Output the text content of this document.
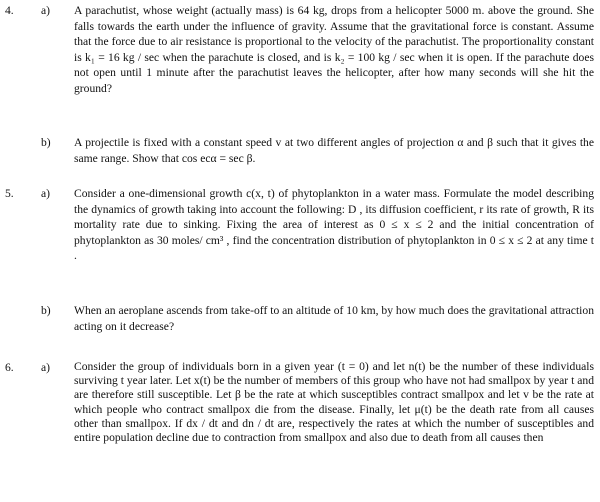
4.	a)	A parachutist, whose weight (actually mass) is 64 kg, drops from a helicopter 5000 m. above the ground. She falls towards the earth under the influence of gravity. Assume that the gravitational force is constant. Assume that the force due to air resistance is proportional to the velocity of the parachutist. The proportionality constant is k₁ = 16 kg / sec when the parachute is closed, and is k₂ = 100 kg / sec when it is open. If the parachute does not open until 1 minute after the parachutist leaves the helicopter, after how many seconds will she hit the ground?

b)	A projectile is fixed with a constant speed v at two different angles of projection α and β such that it gives the same range. Show that cos ecα = sec β.

5.	a)	Consider a one-dimensional growth c(x, t) of phytoplankton in a water mass. Formulate the model describing the dynamics of growth taking into account the following: D , its diffusion coefficient, r its rate of growth, R its mortality rate due to sinking. Fixing the area of interest as 0 ≤ x ≤ 2 and the initial concentration of phytoplankton as 30 moles/ cm³ , find the concentration distribution of phytoplankton in 0 ≤ x ≤ 2 at any time t .

b)	When an aeroplane ascends from take-off to an altitude of 10 km, by how much does the gravitational attraction acting on it decrease?

6.	a)	Consider the group of individuals born in a given year (t = 0) and let n(t) be the number of these individuals surviving t year later. Let x(t) be the number of members of this group who have not had smallpox by year t and are therefore still susceptible. Let β be the rate at which susceptibles contract smallpox and let v be the rate at which people who contract smallpox die from the disease. Finally, let μ(t) be the death rate from all causes other than smallpox. If dx / dt and dn / dt are, respectively the rates at which the number of susceptibles and entire population decline due to contraction from smallpox and also due to death from all causes then
